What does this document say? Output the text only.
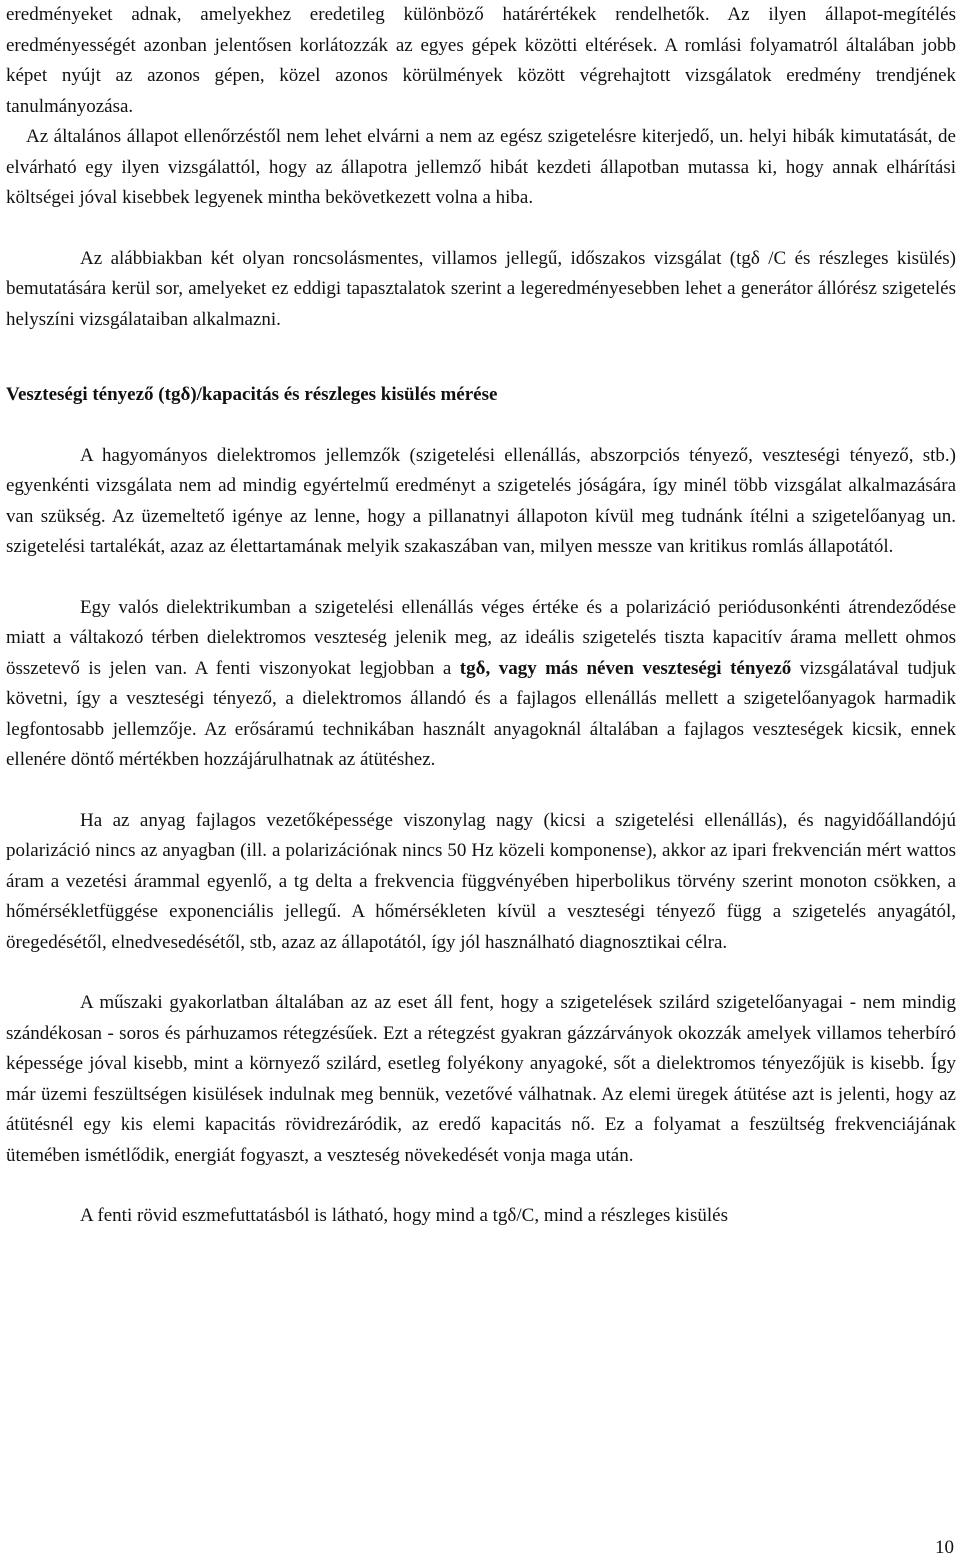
eredményeket adnak, amelyekhez eredetileg különböző határértékek rendelhetők. Az ilyen állapot-megítélés eredményességét azonban jelentősen korlátozzák az egyes gépek közötti eltérések. A romlási folyamatról általában jobb képet nyújt az azonos gépen, közel azonos körülmények között végrehajtott vizsgálatok eredmény trendjének tanulmányozása.

Az általános állapot ellenőrzéstől nem lehet elvárni a nem az egész szigetelésre kiterjedő, un. helyi hibák kimutatását, de elvárható egy ilyen vizsgálattól, hogy az állapotra jellemző hibát kezdeti állapotban mutassa ki, hogy annak elhárítási költségei jóval kisebbek legyenek mintha bekövetkezett volna a hiba.

Az alábbiakban két olyan roncsolásmentes, villamos jellegű, időszakos vizsgálat (tgδ /C és részleges kisülés) bemutatására kerül sor, amelyeket ez eddigi tapasztalatok szerint a legeredményesebben lehet a generátor állórész szigetelés helyszíni vizsgálataiban alkalmazni.

Veszteségi tényező (tgδ)/kapacitás és részleges kisülés mérése

A hagyományos dielektromos jellemzők (szigetelési ellenállás, abszorpciós tényező, veszteségi tényező, stb.) egyenkénti vizsgálata nem ad mindig egyértelmű eredményt a szigetelés jóságára, így minél több vizsgálat alkalmazására van szükség. Az üzemeltető igénye az lenne, hogy a pillanatnyi állapoton kívül meg tudnánk ítélni a szigetelőanyag un. szigetelési tartalékát, azaz az élettartamának melyik szakaszában van, milyen messze van kritikus romlás állapotától.

Egy valós dielektrikumban a szigetelési ellenállás véges értéke és a polarizáció periódusonkénti átrendeződése miatt a váltakozó térben dielektromos veszteség jelenik meg, az ideális szigetelés tiszta kapacitív árama mellett ohmos összetevő is jelen van. A fenti viszonyokat legjobban a tgδ, vagy más néven veszteségi tényező vizsgálatával tudjuk követni, így a veszteségi tényező, a dielektromos állandó és a fajlagos ellenállás mellett a szigetelőanyagok harmadik legfontosabb jellemzője. Az erősáramú technikában használt anyagoknál általában a fajlagos veszteségek kicsik, ennek ellenére döntő mértékben hozzájárulhatnak az átütéshez.

Ha az anyag fajlagos vezetőképessége viszonylag nagy (kicsi a szigetelési ellenállás), és nagyidőállandójú polarizáció nincs az anyagban (ill. a polarizációnak nincs 50 Hz közeli komponense), akkor az ipari frekvencián mért wattos áram a vezetési árammal egyenlő, a tg delta a frekvencia függvényében hiperbolikus törvény szerint monoton csökken, a hőmérsékletfüggése exponenciális jellegű. A hőmérsékleten kívül a veszteségi tényező függ a szigetelés anyagától, öregedésétől, elnedvesedésétől, stb, azaz az állapotától, így jól használható diagnosztikai célra.

A műszaki gyakorlatban általában az az eset áll fent, hogy a szigetelések szilárd szigetelőanyagai - nem mindig szándékosan - soros és párhuzamos rétegzésűek. Ezt a rétegzést gyakran gázzárványok okozzák amelyek villamos teherbíró képessége jóval kisebb, mint a környező szilárd, esetleg folyékony anyagoké, sőt a dielektromos tényezőjük is kisebb. Így már üzemi feszültségen kisülések indulnak meg bennük, vezetővé válhatnak. Az elemi üregek átütése azt is jelenti, hogy az átütésnél egy kis elemi kapacitás rövidrezáródik, az eredő kapacitás nő. Ez a folyamat a feszültség frekvenciájának ütemében ismétlődik, energiát fogyaszt, a veszteség növekedését vonja maga után.

A fenti rövid eszmefuttatásból is látható, hogy mind a tgδ/C, mind a részleges kisülés

10
